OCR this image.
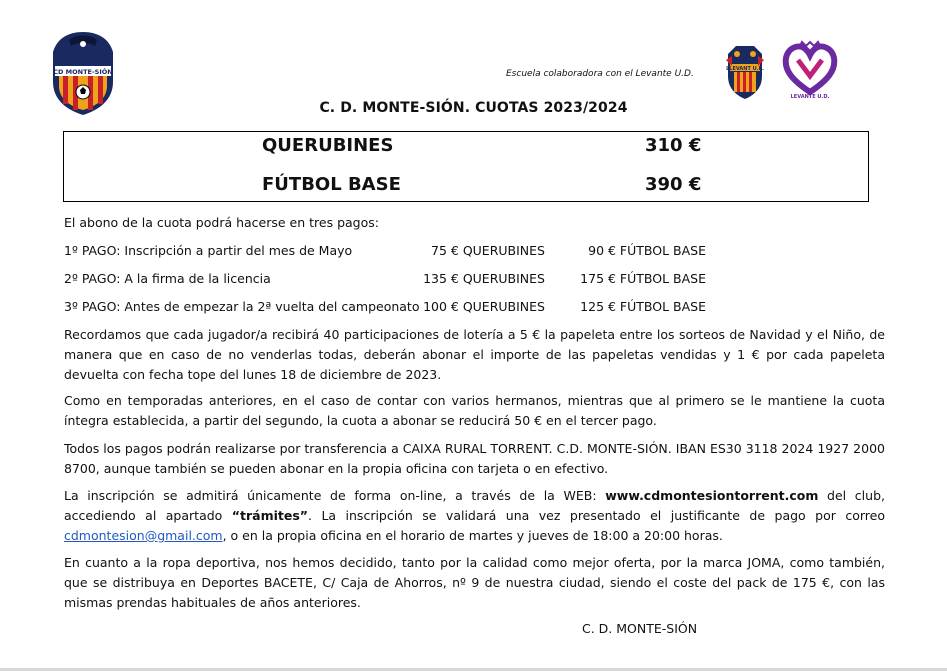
CD MONTE-SIÓN	Escuela colaboradora con el Levante U.D.	LLEVANT U.E.
LEVANTE U.D.
C. D. MONTE-SIÓN. CUOTAS 2023/2024
QUERUBINES	310 €
FÚTBOL BASE	390 €
El abono de la cuota podrá hacerse en tres pagos:
1º PAGO: Inscripción a partir del mes de Mayo	75 € QUERUBINES	90 € FÚTBOL BASE
2º PAGO: A la firma de la licencia	135 € QUERUBINES	175 € FÚTBOL BASE
3º PAGO: Antes de empezar la 2ª vuelta del campeonato 100 € QUERUBINES	125 € FÚTBOL BASE
Recordamos que cada jugador/a recibirá 40 participaciones de lotería a 5 € la papeleta entre los sorteos de Navidad y el Niño, de manera que en caso de no venderlas todas, deberán abonar el importe de las papeletas vendidas y 1 € por cada papeleta devuelta con fecha tope del lunes 18 de diciembre de 2023.
Como en temporadas anteriores, en el caso de contar con varios hermanos, mientras que al primero se le mantiene la cuota íntegra establecida, a partir del segundo, la cuota a abonar se reducirá 50 € en el tercer pago.
Todos los pagos podrán realizarse por transferencia a CAIXA RURAL TORRENT. C.D. MONTE-SIÓN. IBAN ES30 3118 2024 1927 2000 8700, aunque también se pueden abonar en la propia oficina con tarjeta o en efectivo.
La inscripción se admitirá únicamente de forma on-line, a través de la WEB: www.cdmontesiontorrent.com del club, accediendo al apartado “trámites”. La inscripción se validará una vez presentado el justificante de pago por correo cdmontesion@gmail.com, o en la propia oficina en el horario de martes y jueves de 18:00 a 20:00 horas.
En cuanto a la ropa deportiva, nos hemos decidido, tanto por la calidad como mejor oferta, por la marca JOMA, como también, que se distribuya en Deportes BACETE, C/ Caja de Ahorros, nº 9 de nuestra ciudad, siendo el coste del pack de 175 €, con las mismas prendas habituales de años anteriores.
C. D. MONTE-SIÓN
